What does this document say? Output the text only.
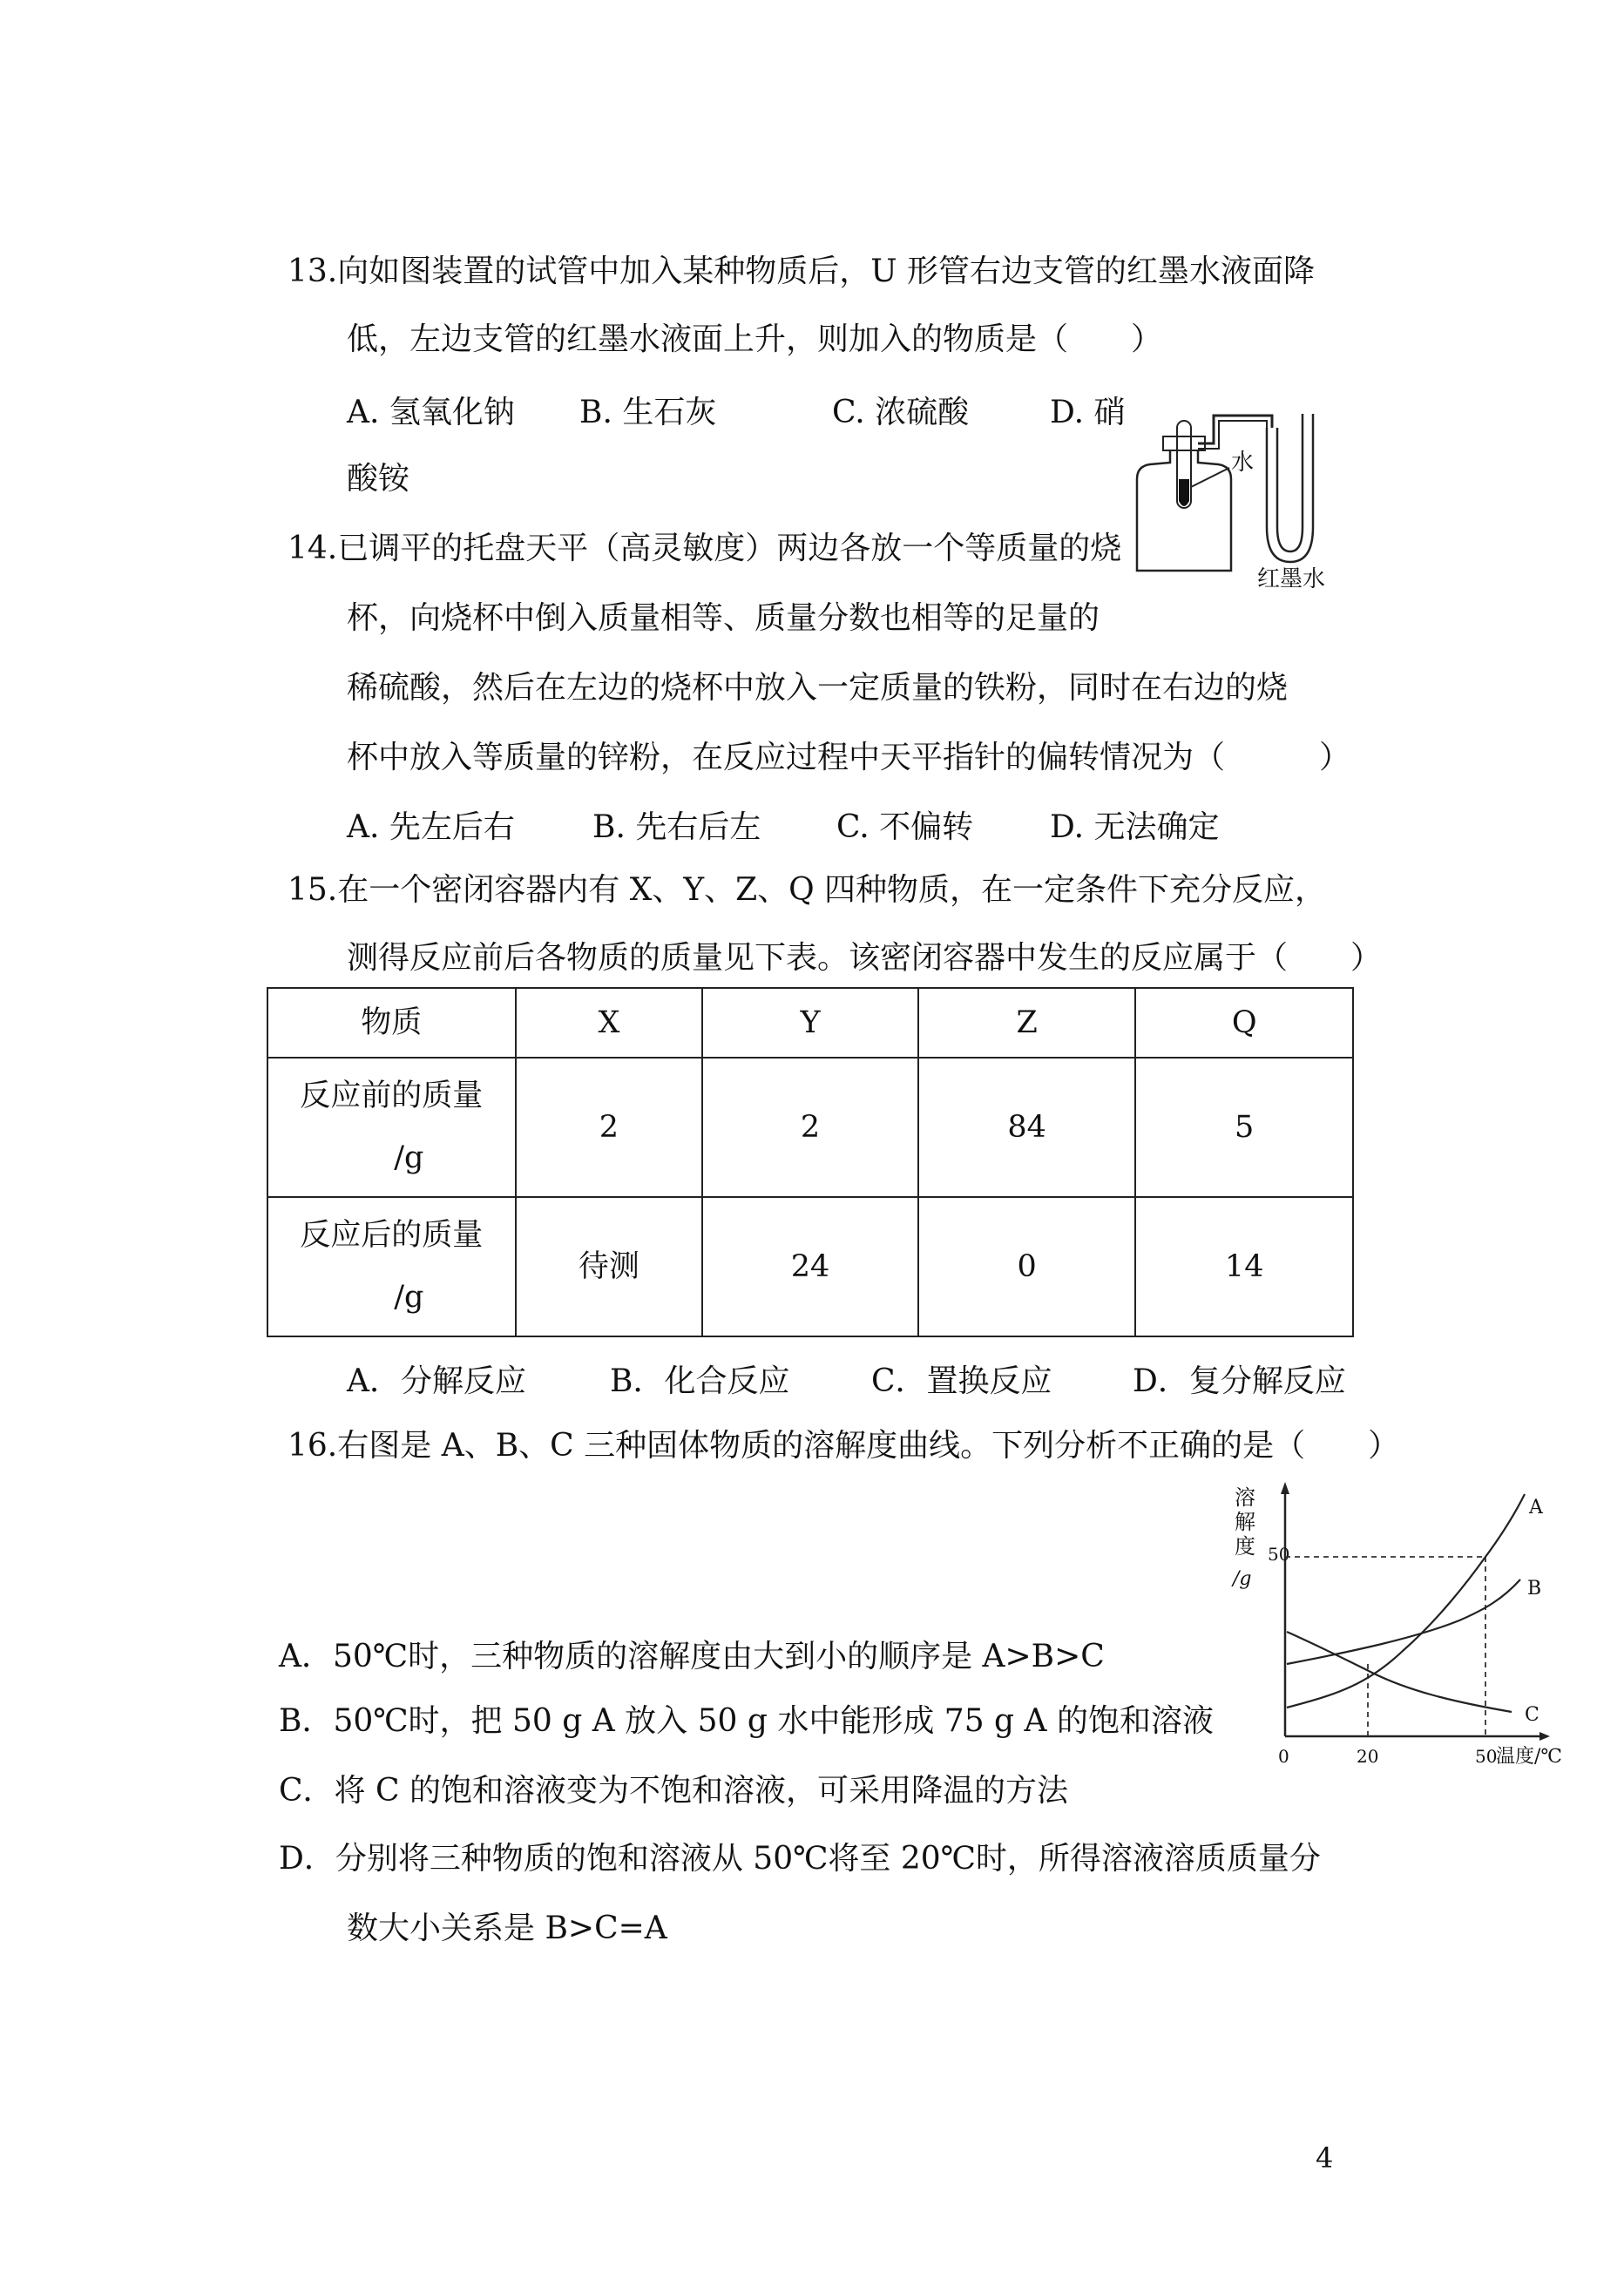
13.向如图装置的试管中加入某种物质后，U 形管右边支管的红墨水液面降
低，左边支管的红墨水液面上升，则加入的物质是（　　）
A. 氢氧化钠 B. 生石灰	C. 浓硫酸	D. 硝
酸铵	水
红墨水
14.已调平的托盘天平（高灵敏度）两边各放一个等质量的烧
杯，向烧杯中倒入质量相等、质量分数也相等的足量的
稀硫酸，然后在左边的烧杯中放入一定质量的铁粉，同时在右边的烧
杯中放入等质量的锌粉，在反应过程中天平指针的偏转情况为（　　　）
A. 先左后右 B. 先右后左 C. 不偏转 D. 无法确定
15.在一个密闭容器内有 X、Y、Z、Q 四种物质，在一定条件下充分反应，
测得反应前后各物质的质量见下表。该密闭容器中发生的反应属于（　　）
物质	X	Y	Z	Q

反应前的质量
/g	2	2	84	5

反应后的质量
/g	待测	24	0	14
A．分解反应	B．化合反应	C．置换反应	D．复分解反应
16.右图是 A、B、C 三种固体物质的溶解度曲线。下列分析不正确的是（　　）
A．50℃时，三种物质的溶解度由大到小的顺序是 A>B>C
B．50℃时，把 50 g A 放入 50 g 水中能形成 75 g A 的饱和溶液
C．将 C 的饱和溶液变为不饱和溶液，可采用降温的方法
D．分别将三种物质的饱和溶液从 50℃将至 20℃时，所得溶液溶质质量分
数大小关系是 B>C=A
溶
解
度
/g
50
A
B
C
0	20	50
温度/℃
4
